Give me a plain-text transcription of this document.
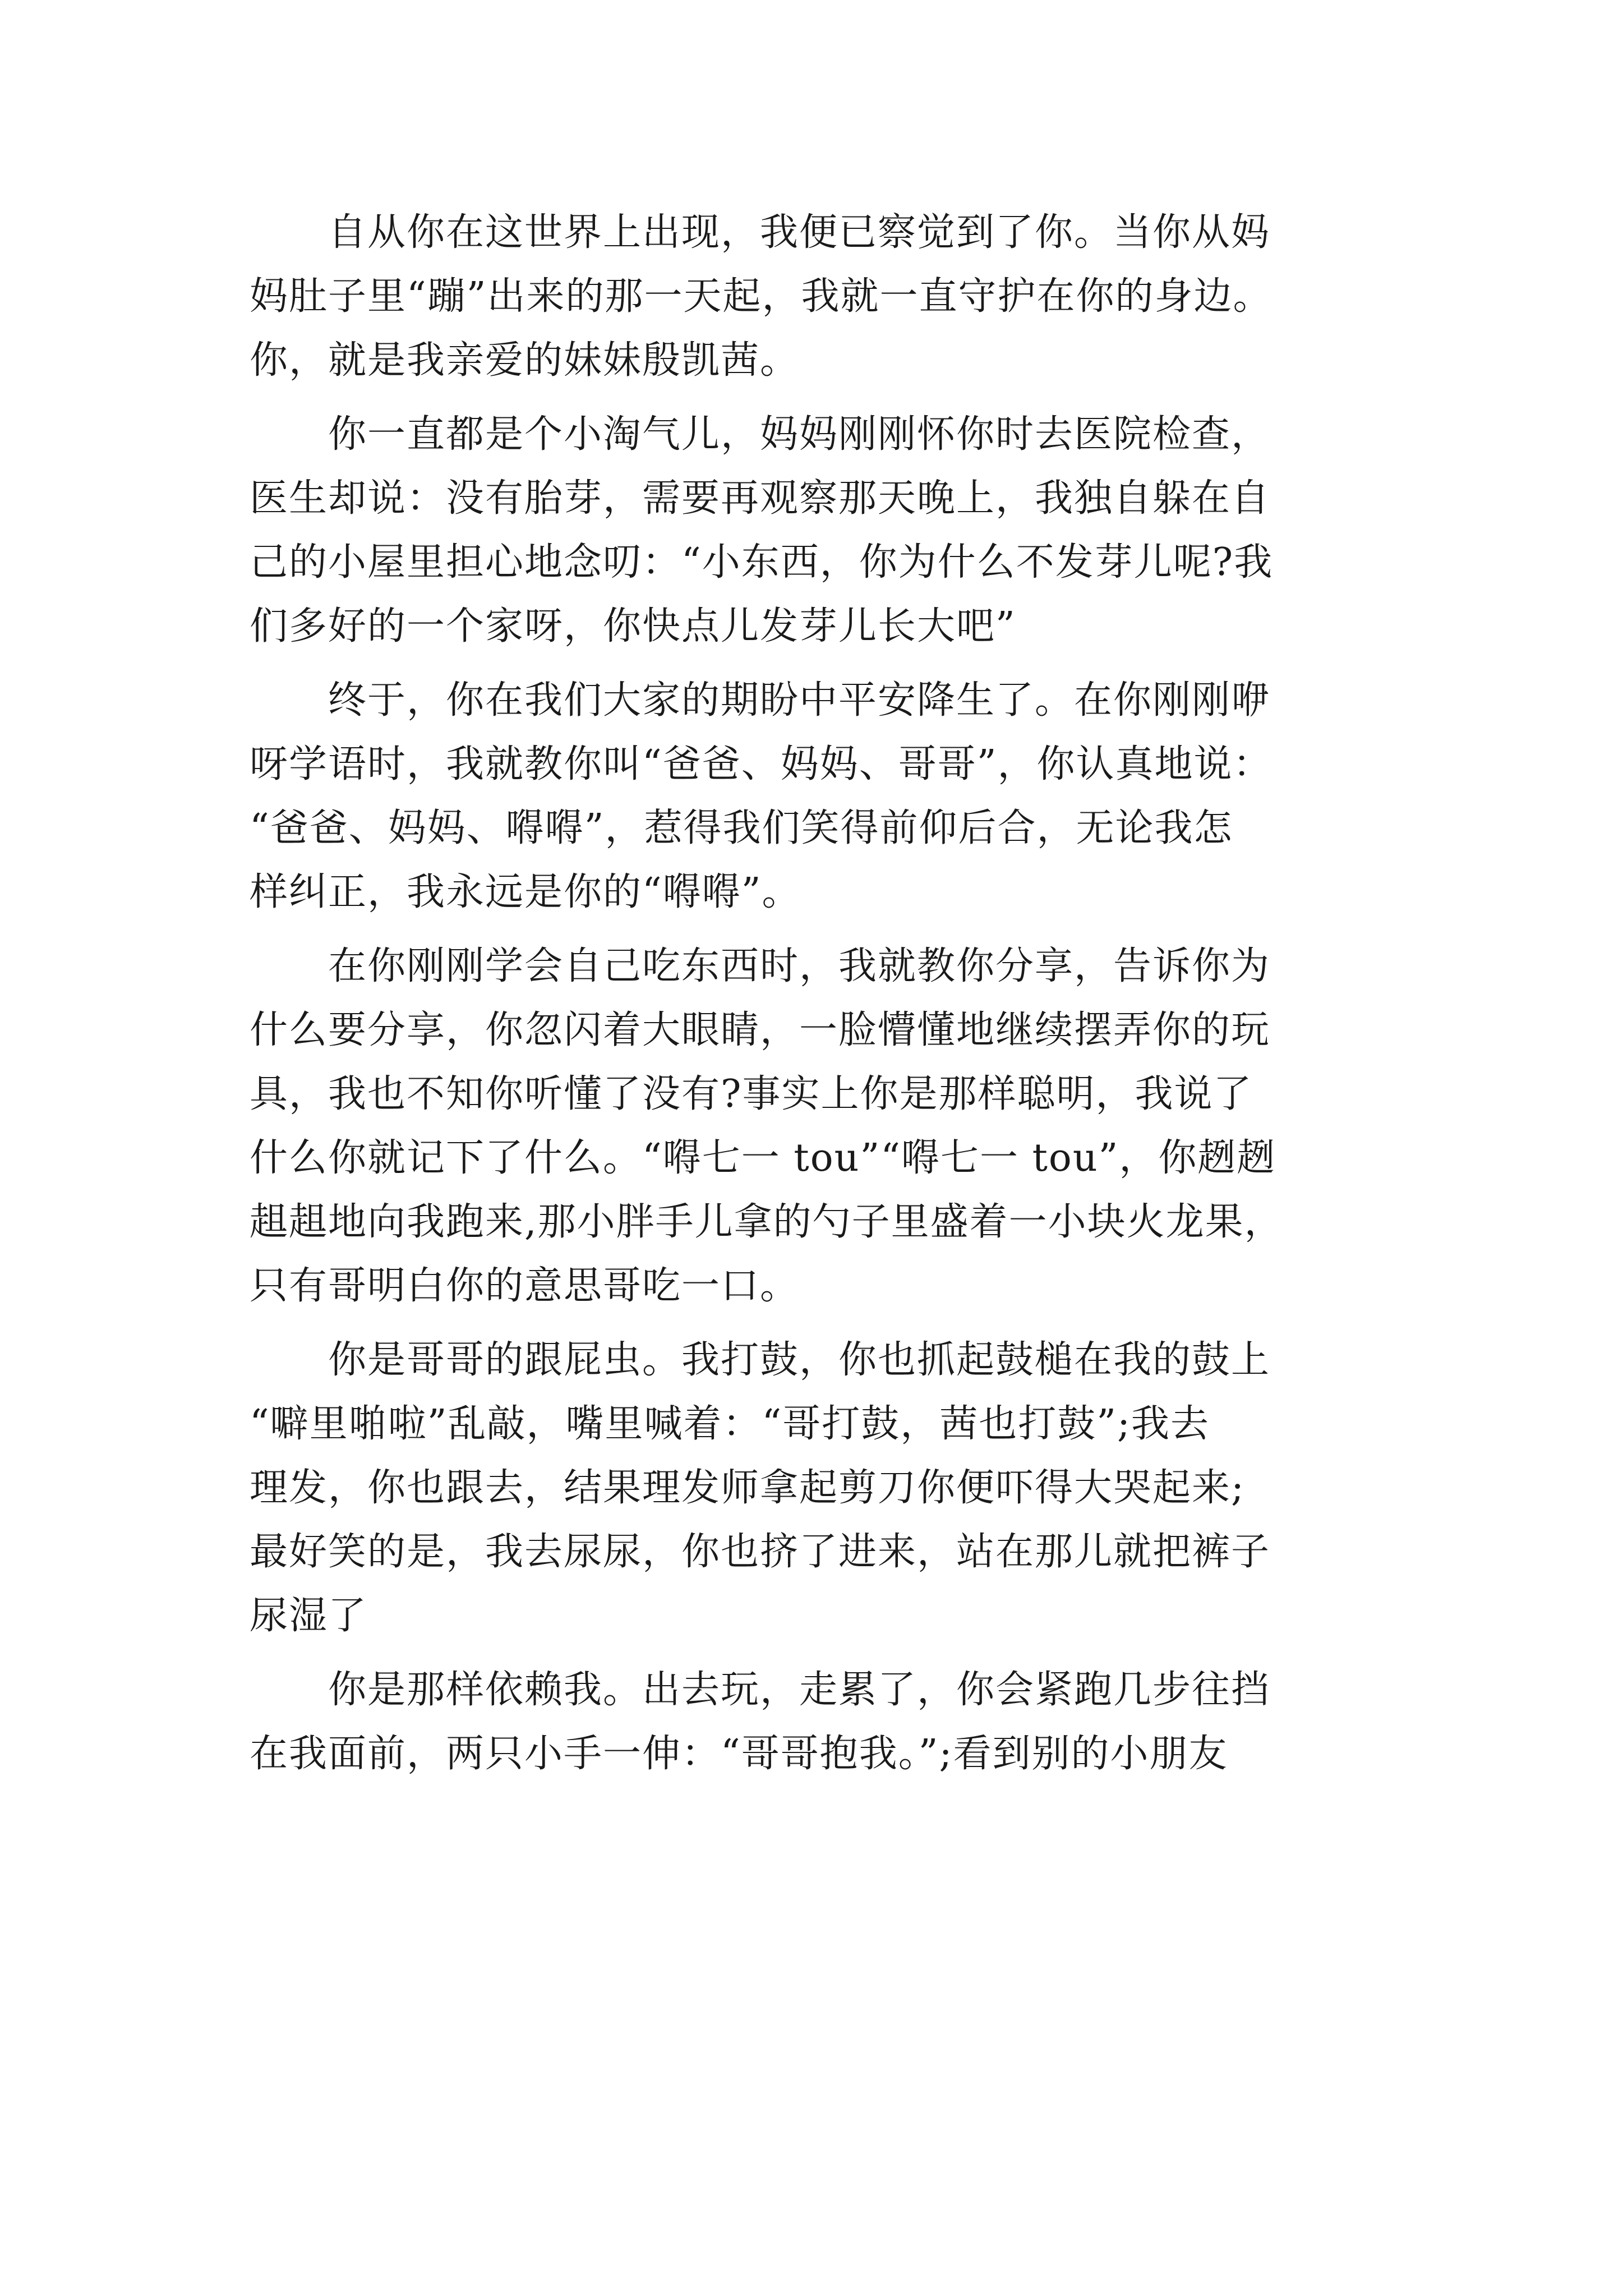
　　自从你在这世界上出现，我便已察觉到了你。当你从妈
妈肚子里“蹦”出来的那一天起，我就一直守护在你的身边。
你，就是我亲爱的妹妹殷凯茜。
　　你一直都是个小淘气儿，妈妈刚刚怀你时去医院检查，
医生却说：没有胎芽，需要再观察那天晚上，我独自躲在自
己的小屋里担心地念叨：“小东西，你为什么不发芽儿呢?我
们多好的一个家呀，你快点儿发芽儿长大吧”
　　终于，你在我们大家的期盼中平安降生了。在你刚刚咿
呀学语时，我就教你叫“爸爸、妈妈、哥哥”，你认真地说：
“爸爸、妈妈、嘚嘚”，惹得我们笑得前仰后合，无论我怎
样纠正，我永远是你的“嘚嘚”。
　　在你刚刚学会自己吃东西时，我就教你分享，告诉你为
什么要分享，你忽闪着大眼睛，一脸懵懂地继续摆弄你的玩
具，我也不知你听懂了没有?事实上你是那样聪明，我说了
什么你就记下了什么。“嘚七一 tou”“嘚七一 tou”，你趔趔
趄趄地向我跑来,那小胖手儿拿的勺子里盛着一小块火龙果，
只有哥明白你的意思哥吃一口。
　　你是哥哥的跟屁虫。我打鼓，你也抓起鼓槌在我的鼓上
“噼里啪啦”乱敲，嘴里喊着：“哥打鼓，茜也打鼓”;我去
理发，你也跟去，结果理发师拿起剪刀你便吓得大哭起来;
最好笑的是，我去尿尿，你也挤了进来，站在那儿就把裤子
尿湿了
　　你是那样依赖我。出去玩，走累了，你会紧跑几步往挡
在我面前，两只小手一伸：“哥哥抱我。”;看到别的小朋友
